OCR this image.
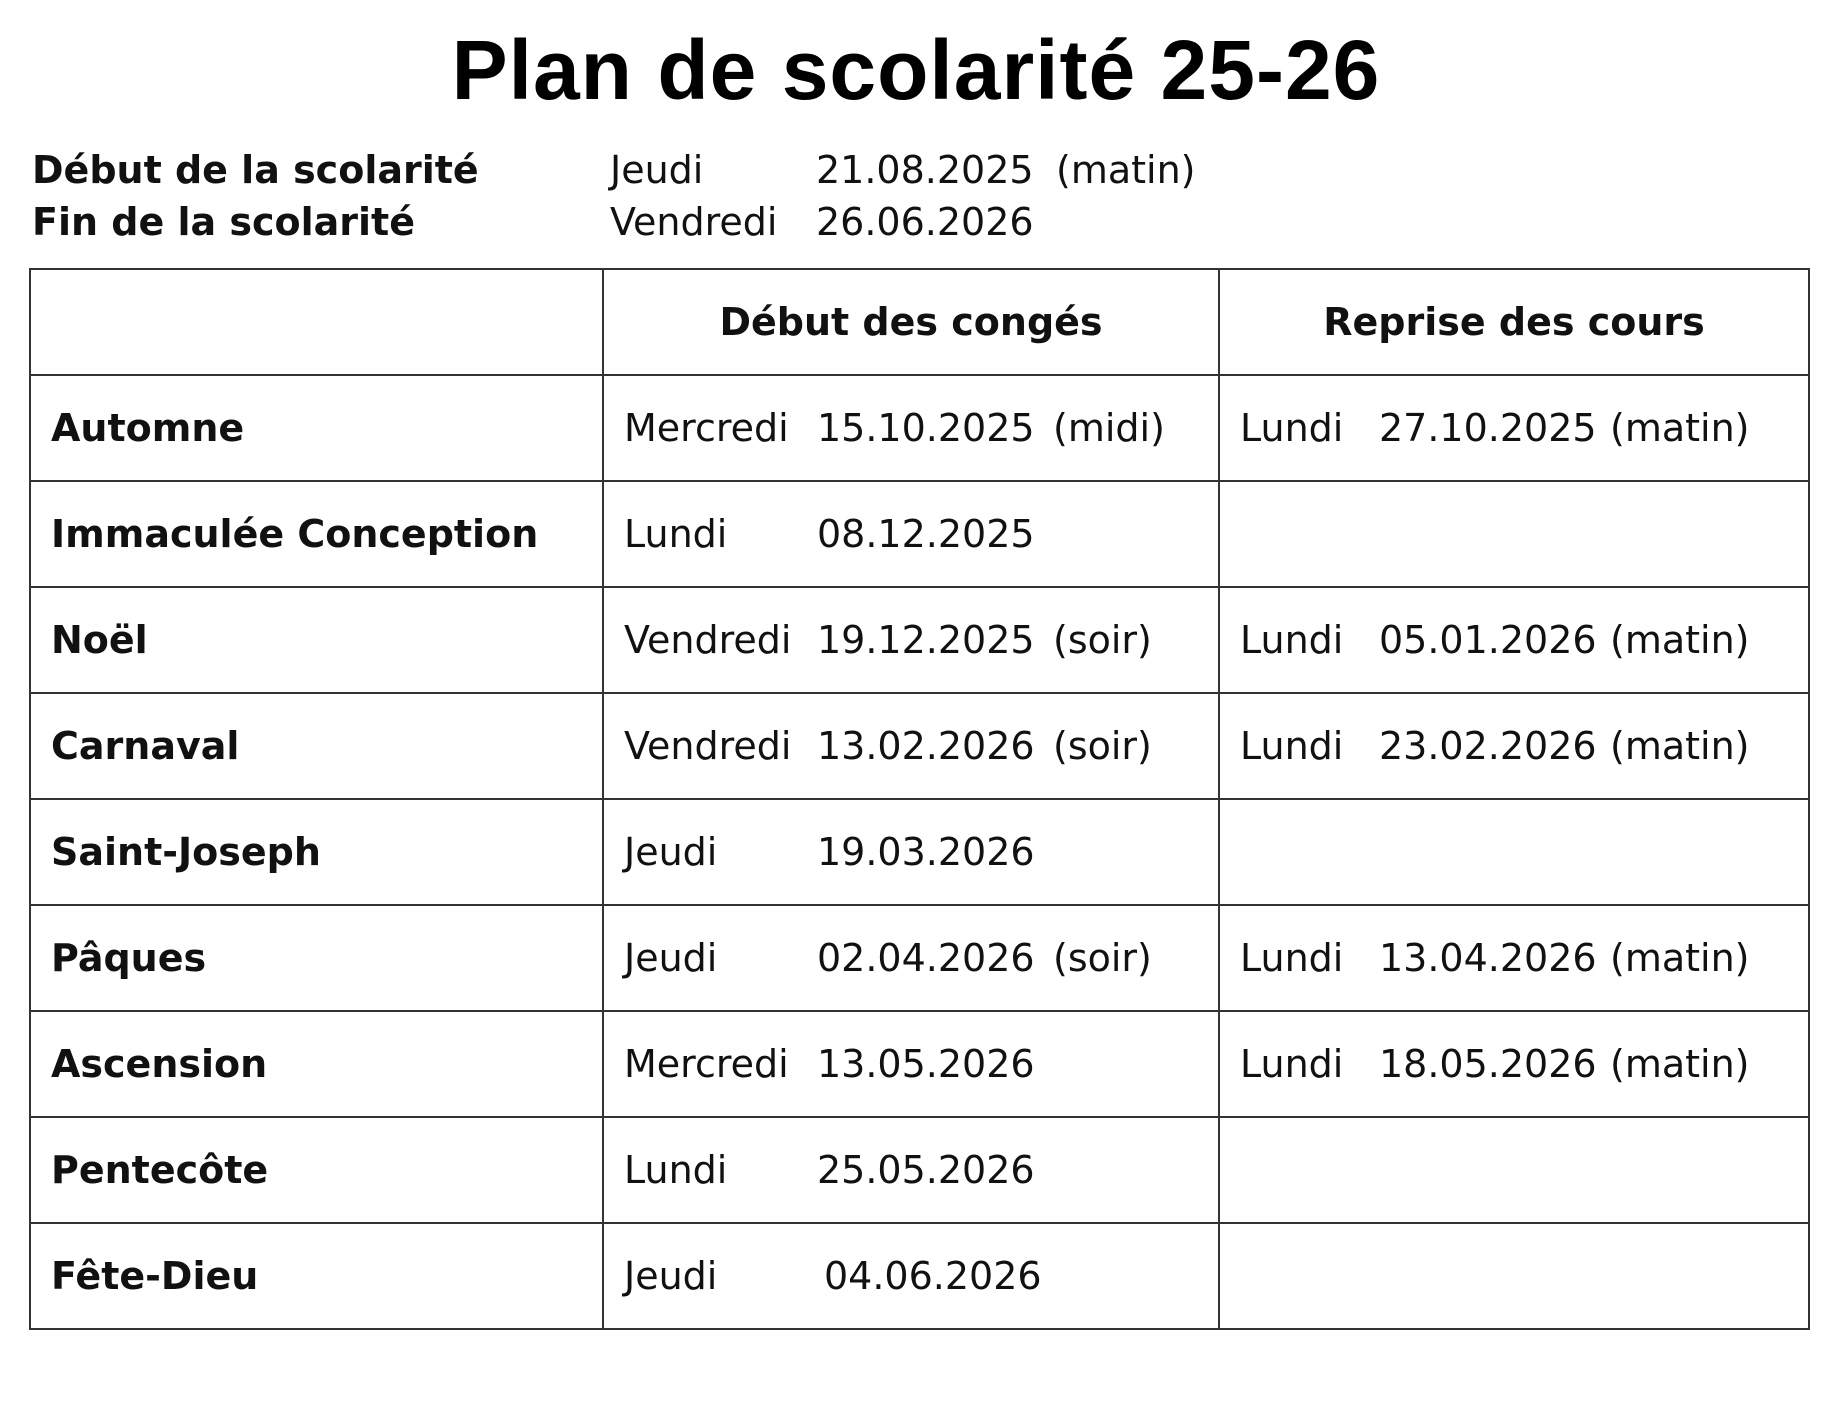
Plan de scolarité 25-26
Début de la scolarité	Jeudi	21.08.2025 (matin)
Fin de la scolarité	Vendredi 26.06.2026
	Début des congés	Reprise des cours
Automne	Mercredi 15.10.2025 (midi)	Lundi 27.10.2025 (matin)

Immaculée Conception	Lundi 08.12.2025	

Noël	Vendredi 19.12.2025 (soir)	Lundi 05.01.2026 (matin)

Carnaval	Vendredi 13.02.2026 (soir)	Lundi 23.02.2026 (matin)

Saint-Joseph	Jeudi 19.03.2026	

Pâques	Jeudi 02.04.2026 (soir)	Lundi 13.04.2026 (matin)

Ascension	Mercredi 13.05.2026	Lundi 18.05.2026 (matin)

Pentecôte	Lundi 25.05.2026	

Fête-Dieu	Jeudi 04.06.2026	
